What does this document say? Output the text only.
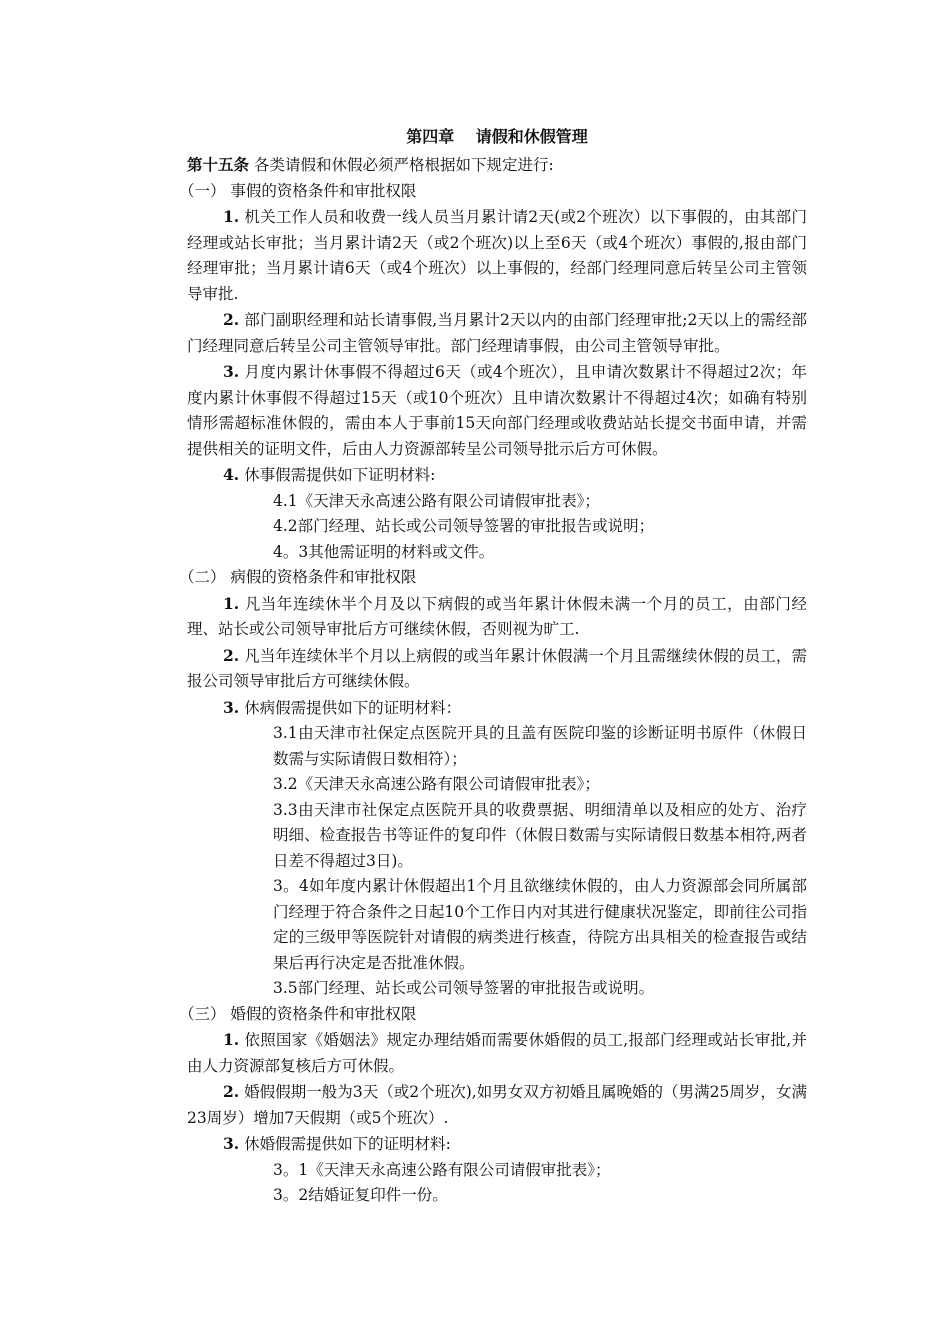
第四章　 请假和休假管理

第十五条 各类请假和休假必须严格根据如下规定进行:

（一） 事假的资格条件和审批权限

1. 机关工作人员和收费一线人员当月累计请2天(或2个班次）以下事假的，由其部门经理或站长审批；当月累计请2天（或2个班次)以上至6天（或4个班次）事假的,报由部门经理审批；当月累计请6天（或4个班次）以上事假的，经部门经理同意后转呈公司主管领导审批.

2. 部门副职经理和站长请事假,当月累计2天以内的由部门经理审批;2天以上的需经部门经理同意后转呈公司主管领导审批。部门经理请事假，由公司主管领导审批。

3. 月度内累计休事假不得超过6天（或4个班次），且申请次数累计不得超过2次；年度内累计休事假不得超过15天（或10个班次）且申请次数累计不得超过4次；如确有特别情形需超标准休假的，需由本人于事前15天向部门经理或收费站站长提交书面申请，并需提供相关的证明文件，后由人力资源部转呈公司领导批示后方可休假。

4. 休事假需提供如下证明材料:

4.1《天津天永高速公路有限公司请假审批表》；

4.2部门经理、站长或公司领导签署的审批报告或说明；

4。3其他需证明的材料或文件。

（二） 病假的资格条件和审批权限

1. 凡当年连续休半个月及以下病假的或当年累计休假未满一个月的员工，由部门经理、站长或公司领导审批后方可继续休假，否则视为旷工.

2. 凡当年连续休半个月以上病假的或当年累计休假满一个月且需继续休假的员工，需报公司领导审批后方可继续休假。

3. 休病假需提供如下的证明材料：

3.1由天津市社保定点医院开具的且盖有医院印鉴的诊断证明书原件（休假日数需与实际请假日数相符）；

3.2《天津天永高速公路有限公司请假审批表》；

3.3由天津市社保定点医院开具的收费票据、明细清单以及相应的处方、治疗明细、检查报告书等证件的复印件（休假日数需与实际请假日数基本相符,两者日差不得超过3日)。

3。4如年度内累计休假超出1个月且欲继续休假的，由人力资源部会同所属部门经理于符合条件之日起10个工作日内对其进行健康状况鉴定，即前往公司指定的三级甲等医院针对请假的病类进行核查，待院方出具相关的检查报告或结果后再行决定是否批准休假。

3.5部门经理、站长或公司领导签署的审批报告或说明。

（三） 婚假的资格条件和审批权限

1. 依照国家《婚姻法》规定办理结婚而需要休婚假的员工,报部门经理或站长审批,并由人力资源部复核后方可休假。

2. 婚假假期一般为3天（或2个班次),如男女双方初婚且属晚婚的（男满25周岁，女满23周岁）增加7天假期（或5个班次）.

3. 休婚假需提供如下的证明材料:

3。1《天津天永高速公路有限公司请假审批表》；

3。2结婚证复印件一份。
